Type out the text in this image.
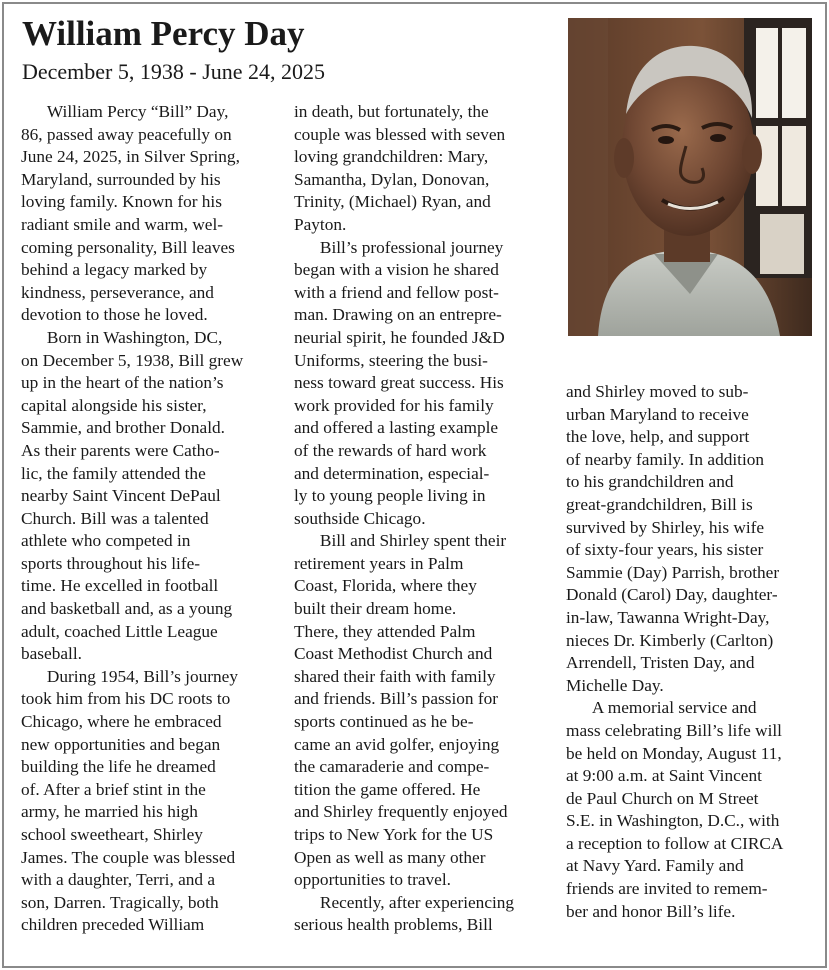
William Percy Day
December 5, 1938 - June 24, 2025
  William Percy “Bill” Day,
86, passed away peacefully on
June 24, 2025, in Silver Spring,
Maryland, surrounded by his
loving family. Known for his
radiant smile and warm, wel-
coming personality, Bill leaves
behind a legacy marked by
kindness, perseverance, and
devotion to those he loved.
  Born in Washington, DC,
on December 5, 1938, Bill grew
up in the heart of the nation’s
capital alongside his sister,
Sammie, and brother Donald.
As their parents were Catho-
lic, the family attended the
nearby Saint Vincent DePaul
Church. Bill was a talented
athlete who competed in
sports throughout his life-
time. He excelled in football
and basketball and, as a young
adult, coached Little League
baseball.
  During 1954, Bill’s journey
took him from his DC roots to
Chicago, where he embraced
new opportunities and began
building the life he dreamed
of. After a brief stint in the
army, he married his high
school sweetheart, Shirley
James. The couple was blessed
with a daughter, Terri, and a
son, Darren. Tragically, both
children preceded William
in death, but fortunately, the
couple was blessed with seven
loving grandchildren: Mary,
Samantha, Dylan, Donovan,
Trinity, (Michael) Ryan, and
Payton.
  Bill’s professional journey
began with a vision he shared
with a friend and fellow post-
man. Drawing on an entrepre-
neurial spirit, he founded J&D
Uniforms, steering the busi-
ness toward great success. His
work provided for his family
and offered a lasting example
of the rewards of hard work
and determination, especial-
ly to young people living in
southside Chicago.
  Bill and Shirley spent their
retirement years in Palm
Coast, Florida, where they
built their dream home.
There, they attended Palm
Coast Methodist Church and
shared their faith with family
and friends. Bill’s passion for
sports continued as he be-
came an avid golfer, enjoying
the camaraderie and compe-
tition the game offered. He
and Shirley frequently enjoyed
trips to New York for the US
Open as well as many other
opportunities to travel.
  Recently, after experiencing
serious health problems, Bill
and Shirley moved to sub-
urban Maryland to receive
the love, help, and support
of nearby family. In addition
to his grandchildren and
great-grandchildren, Bill is
survived by Shirley, his wife
of sixty-four years, his sister
Sammie (Day) Parrish, brother
Donald (Carol) Day, daughter-
in-law, Tawanna Wright-Day,
nieces Dr. Kimberly (Carlton)
Arrendell, Tristen Day, and
Michelle Day.
  A memorial service and
mass celebrating Bill’s life will
be held on Monday, August 11,
at 9:00 a.m. at Saint Vincent
de Paul Church on M Street
S.E. in Washington, D.C., with
a reception to follow at CIRCA
at Navy Yard. Family and
friends are invited to remem-
ber and honor Bill’s life.
